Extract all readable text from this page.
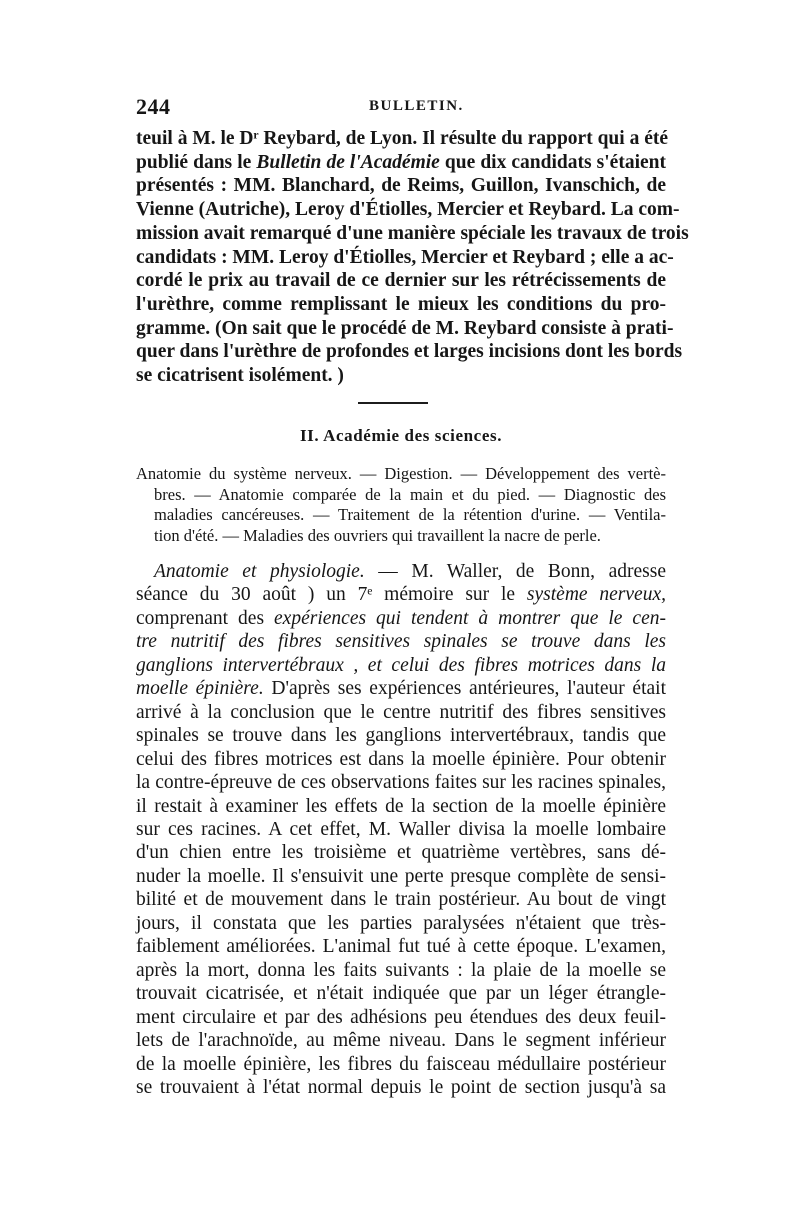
244	BULLETIN.
teuil à M. le Dʳ Reybard, de Lyon. Il résulte du rapport qui a été
publié dans le Bulletin de l'Académie que dix candidats s'étaient
présentés : MM. Blanchard, de Reims, Guillon, Ivanschich, de
Vienne (Autriche), Leroy d'Étiolles, Mercier et Reybard. La com-
mission avait remarqué d'une manière spéciale les travaux de trois
candidats : MM. Leroy d'Étiolles, Mercier et Reybard ; elle a ac-
cordé le prix au travail de ce dernier sur les rétrécissements de
l'urèthre, comme remplissant le mieux les conditions du pro-
gramme. (On sait que le procédé de M. Reybard consiste à prati-
quer dans l'urèthre de profondes et larges incisions dont les bords
se cicatrisent isolément. )
II. Académie des sciences.
Anatomie du système nerveux. — Digestion. — Développement des vertè-
bres. — Anatomie comparée de la main et du pied. — Diagnostic des
maladies cancéreuses. — Traitement de la rétention d'urine. — Ventila-
tion d'été. — Maladies des ouvriers qui travaillent la nacre de perle.
Anatomie et physiologie. — M. Waller, de Bonn, adresse
séance du 30 août ) un 7ᵉ mémoire sur le système nerveux,
comprenant des expériences qui tendent à montrer que le cen-
tre nutritif des fibres sensitives spinales se trouve dans les
ganglions intervertébraux , et celui des fibres motrices dans la
moelle épinière. D'après ses expériences antérieures, l'auteur était
arrivé à la conclusion que le centre nutritif des fibres sensitives
spinales se trouve dans les ganglions intervertébraux, tandis que
celui des fibres motrices est dans la moelle épinière. Pour obtenir
la contre-épreuve de ces observations faites sur les racines spinales,
il restait à examiner les effets de la section de la moelle épinière
sur ces racines. A cet effet, M. Waller divisa la moelle lombaire
d'un chien entre les troisième et quatrième vertèbres, sans dé-
nuder la moelle. Il s'ensuivit une perte presque complète de sensi-
bilité et de mouvement dans le train postérieur. Au bout de vingt
jours, il constata que les parties paralysées n'étaient que très-
faiblement améliorées. L'animal fut tué à cette époque. L'examen,
après la mort, donna les faits suivants : la plaie de la moelle se
trouvait cicatrisée, et n'était indiquée que par un léger étrangle-
ment circulaire et par des adhésions peu étendues des deux feuil-
lets de l'arachnoïde, au même niveau. Dans le segment inférieur
de la moelle épinière, les fibres du faisceau médullaire postérieur
se trouvaient à l'état normal depuis le point de section jusqu'à sa
